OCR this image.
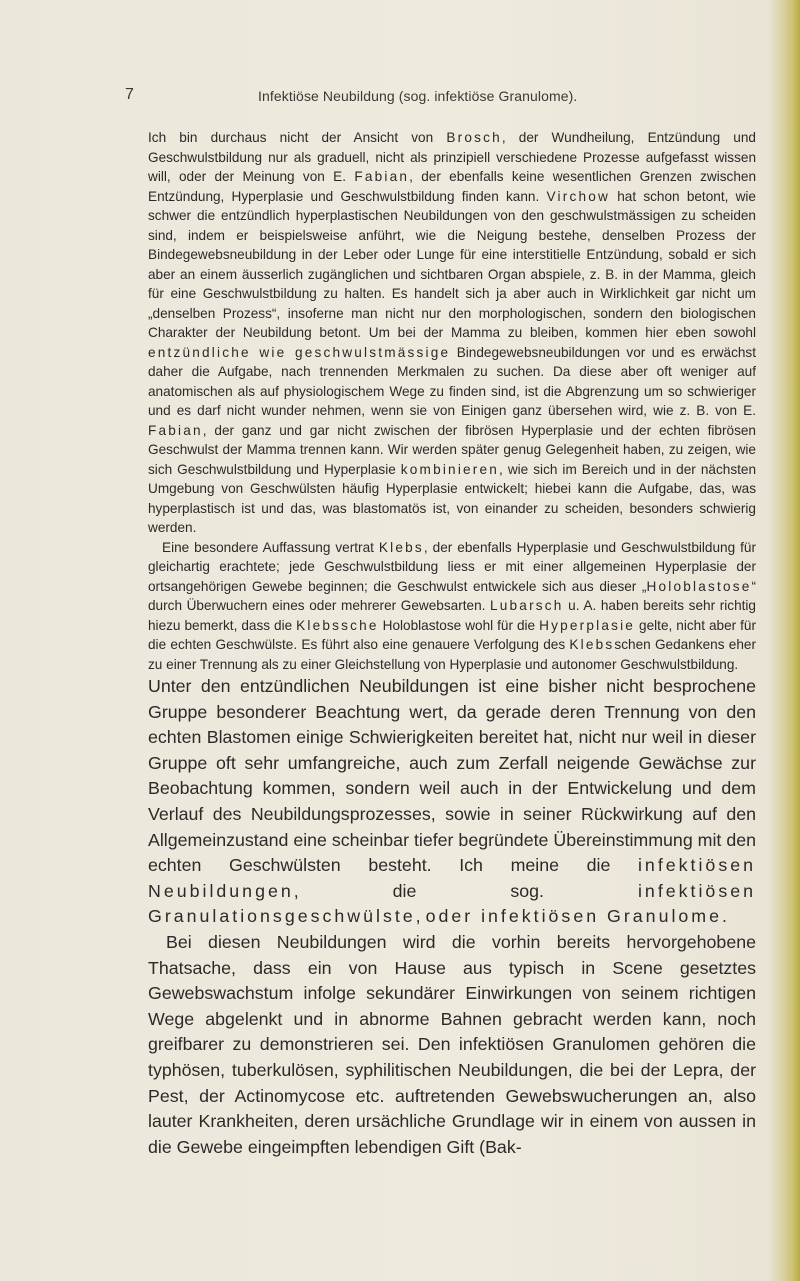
7	Infektiöse Neubildung (sog. infektiöse Granulome).

Ich bin durchaus nicht der Ansicht von Brosch, der Wundheilung, Entzündung und Geschwulstbildung nur als graduell, nicht als prinzipiell verschiedene Prozesse aufgefasst wissen will, oder der Meinung von E. Fabian, der ebenfalls keine wesentlichen Grenzen zwischen Entzündung, Hyperplasie und Geschwulstbildung finden kann. Virchow hat schon betont, wie schwer die entzündlich hyperplastischen Neubildungen von den geschwulstmässigen zu scheiden sind, indem er beispielsweise anführt, wie die Neigung bestehe, denselben Prozess der Bindegewebsneubildung in der Leber oder Lunge für eine interstitielle Entzündung, sobald er sich aber an einem äusserlich zugänglichen und sichtbaren Organ abspiele, z. B. in der Mamma, gleich für eine Geschwulstbildung zu halten. Es handelt sich ja aber auch in Wirklichkeit gar nicht um „denselben Prozess“, insoferne man nicht nur den morphologischen, sondern den biologischen Charakter der Neubildung betont. Um bei der Mamma zu bleiben, kommen hier eben sowohl entzündliche wie geschwulstmässige Bindegewebsneubildungen vor und es erwächst daher die Aufgabe, nach trennenden Merkmalen zu suchen. Da diese aber oft weniger auf anatomischen als auf physiologischem Wege zu finden sind, ist die Abgrenzung um so schwieriger und es darf nicht wunder nehmen, wenn sie von Einigen ganz übersehen wird, wie z. B. von E. Fabian, der ganz und gar nicht zwischen der fibrösen Hyperplasie und der echten fibrösen Geschwulst der Mamma trennen kann. Wir werden später genug Gelegenheit haben, zu zeigen, wie sich Geschwulstbildung und Hyperplasie kombinieren, wie sich im Bereich und in der nächsten Umgebung von Geschwülsten häufig Hyperplasie entwickelt; hiebei kann die Aufgabe, das, was hyperplastisch ist und das, was blastomatös ist, von einander zu scheiden, besonders schwierig werden.

Eine besondere Auffassung vertrat Klebs, der ebenfalls Hyperplasie und Geschwulstbildung für gleichartig erachtete; jede Geschwulstbildung liess er mit einer allgemeinen Hyperplasie der ortsangehörigen Gewebe beginnen; die Geschwulst entwickele sich aus dieser „Holoblastose“ durch Überwuchern eines oder mehrerer Gewebsarten. Lubarsch u. A. haben bereits sehr richtig hiezu bemerkt, dass die Klebssche Holoblastose wohl für die Hyperplasie gelte, nicht aber für die echten Geschwülste. Es führt also eine genauere Verfolgung des Klebsschen Gedankens eher zu einer Trennung als zu einer Gleichstellung von Hyperplasie und autonomer Geschwulstbildung.

Unter den entzündlichen Neubildungen ist eine bisher nicht besprochene Gruppe besonderer Beachtung wert, da gerade deren Trennung von den echten Blastomen einige Schwierigkeiten bereitet hat, nicht nur weil in dieser Gruppe oft sehr umfangreiche, auch zum Zerfall neigende Gewächse zur Beobachtung kommen, sondern weil auch in der Entwickelung und dem Verlauf des Neubildungsprozesses, sowie in seiner Rückwirkung auf den Allgemeinzustand eine scheinbar tiefer begründete Übereinstimmung mit den echten Geschwülsten besteht. Ich meine die infektiösen Neubildungen, die sog. infektiösen Granulationsgeschwülste, oder infektiösen Granulome.

Bei diesen Neubildungen wird die vorhin bereits hervorgehobene Thatsache, dass ein von Hause aus typisch in Scene gesetztes Gewebswachstum infolge sekundärer Einwirkungen von seinem richtigen Wege abgelenkt und in abnorme Bahnen gebracht werden kann, noch greifbarer zu demonstrieren sei. Den infektiösen Granulomen gehören die typhösen, tuberkulösen, syphilitischen Neubildungen, die bei der Lepra, der Pest, der Actinomycose etc. auftretenden Gewebswucherungen an, also lauter Krankheiten, deren ursächliche Grundlage wir in einem von aussen in die Gewebe eingeimpften lebendigen Gift (Bak-
